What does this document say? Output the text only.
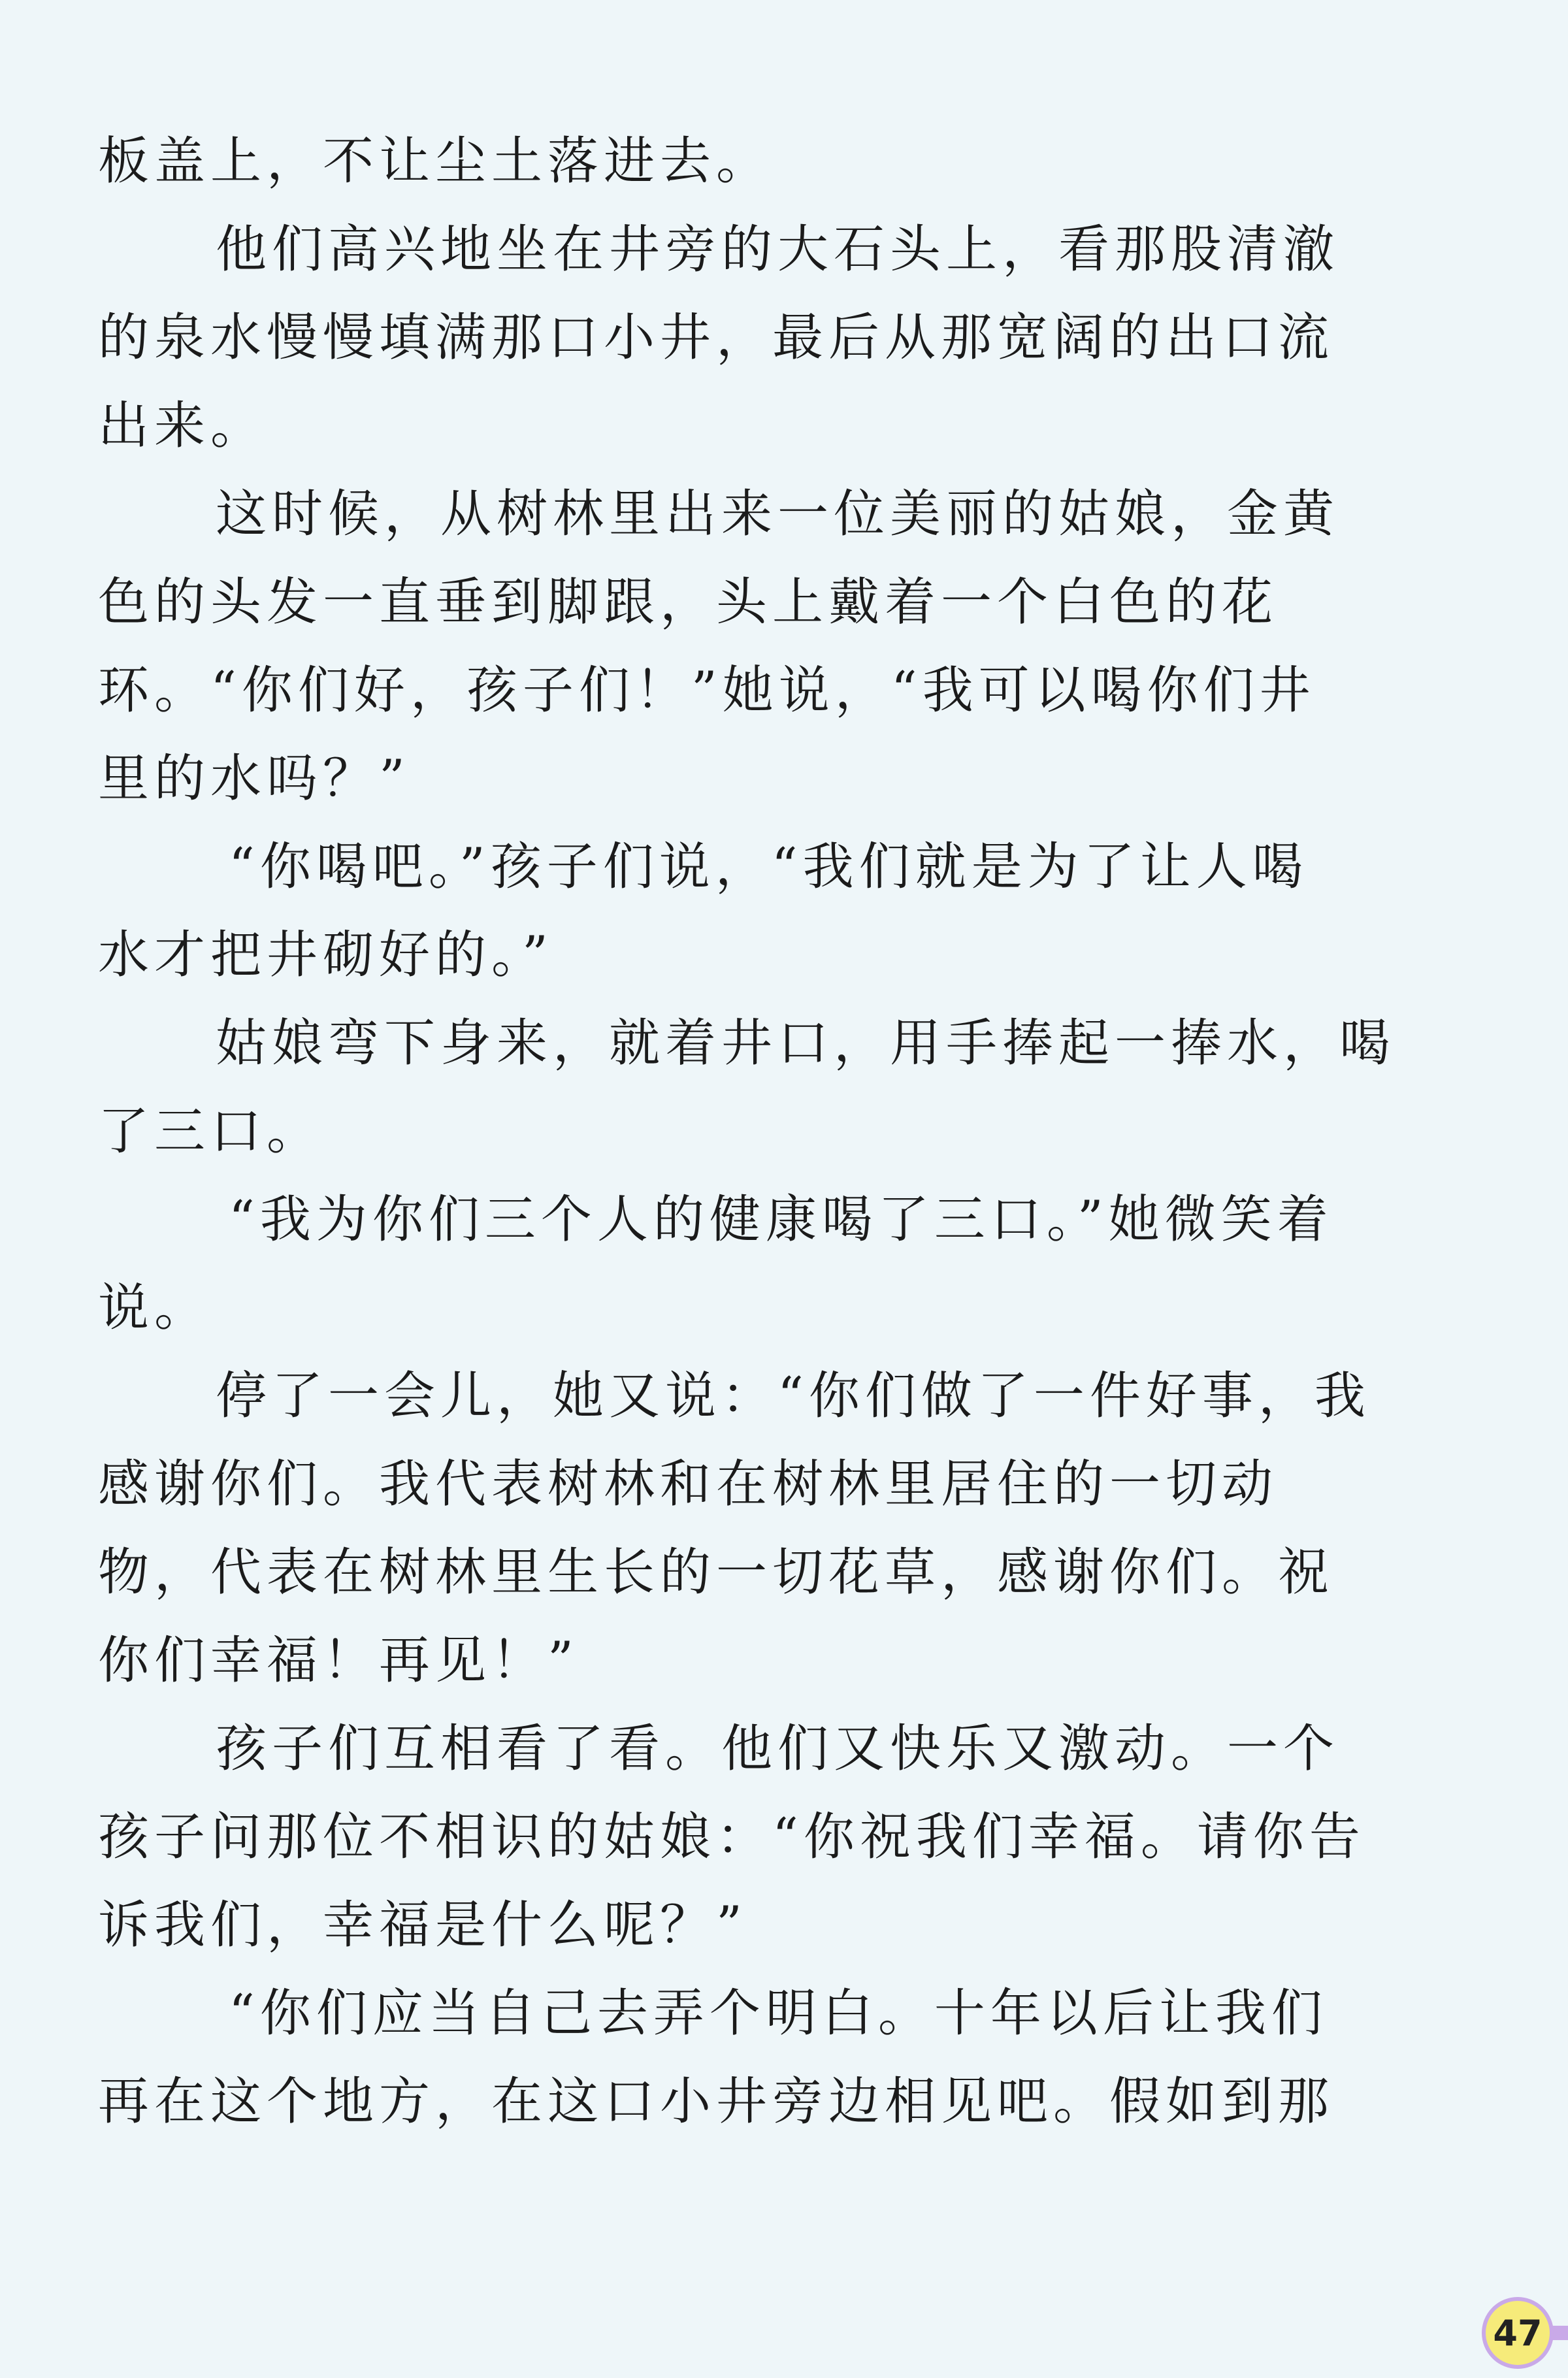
板盖上，不让尘土落进去。
他们高兴地坐在井旁的大石头上，看那股清澈
的泉水慢慢填满那口小井，最后从那宽阔的出口流
出来。
这时候，从树林里出来一位美丽的姑娘，金黄
色的头发一直垂到脚跟，头上戴着一个白色的花
环。“你们好，孩子们！”她说，“我可以喝你们井
里的水吗？”
“你喝吧。”孩子们说，“我们就是为了让人喝
水才把井砌好的。”
姑娘弯下身来，就着井口，用手捧起一捧水，喝
了三口。
“我为你们三个人的健康喝了三口。”她微笑着
说。
停了一会儿，她又说：“你们做了一件好事，我
感谢你们。我代表树林和在树林里居住的一切动
物，代表在树林里生长的一切花草，感谢你们。祝
你们幸福！再见！”
孩子们互相看了看。他们又快乐又激动。一个
孩子问那位不相识的姑娘：“你祝我们幸福。请你告
诉我们，幸福是什么呢？”
“你们应当自己去弄个明白。十年以后让我们
再在这个地方，在这口小井旁边相见吧。假如到那
47
